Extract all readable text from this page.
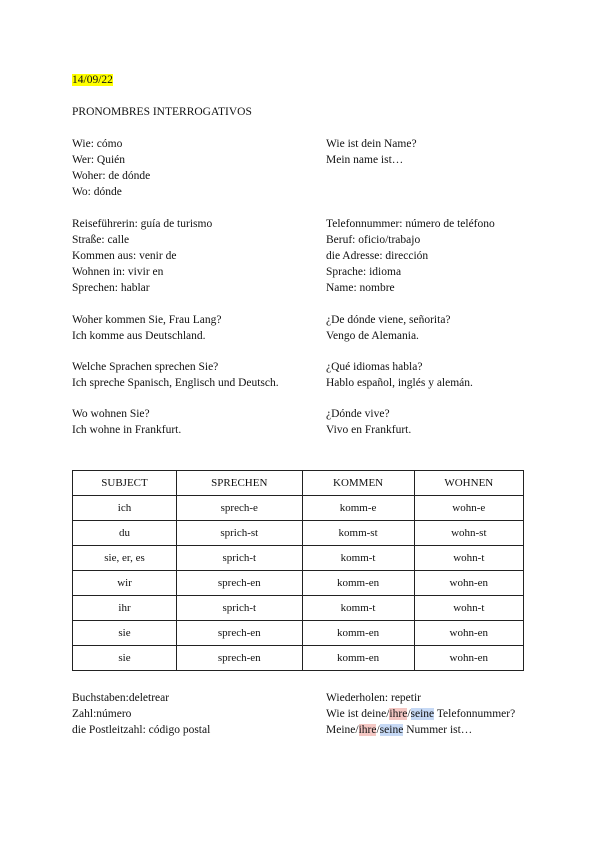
14/09/22
PRONOMBRES INTERROGATIVOS
Wie: cómo
Wer: Quién
Woher: de dónde
Wo: dónde
Wie ist dein Name?
Mein name ist…
Reiseführerin: guía de turismo
Straße: calle
Kommen aus: venir de
Wohnen in: vivir en
Sprechen: hablar
Telefonnummer: número de teléfono
Beruf: oficio/trabajo
die Adresse: dirección
Sprache: idioma
Name: nombre
Woher kommen Sie, Frau Lang?
Ich komme aus Deutschland.
¿De dónde viene, señorita?
Vengo de Alemania.
Welche Sprachen sprechen Sie?
Ich spreche Spanisch, Englisch und Deutsch.
¿Qué idiomas habla?
Hablo español, inglés y alemán.
Wo wohnen Sie?
Ich wohne in Frankfurt.
¿Dónde vive?
Vivo en Frankfurt.
SUBJECT	SPRECHEN	KOMMEN	WOHNEN
ich	sprech-e	komm-e	wohn-e
du	sprich-st	komm-st	wohn-st
sie, er, es	sprich-t	komm-t	wohn-t
wir	sprech-en	komm-en	wohn-en
ihr	sprich-t	komm-t	wohn-t
sie	sprech-en	komm-en	wohn-en
sie	sprech-en	komm-en	wohn-en
Buchstaben:deletrear
Zahl:número
die Postleitzahl: código postal
Wiederholen: repetir
Wie ist deine/ihre/seine Telefonnummer?
Meine/ihre/seine Nummer ist…
